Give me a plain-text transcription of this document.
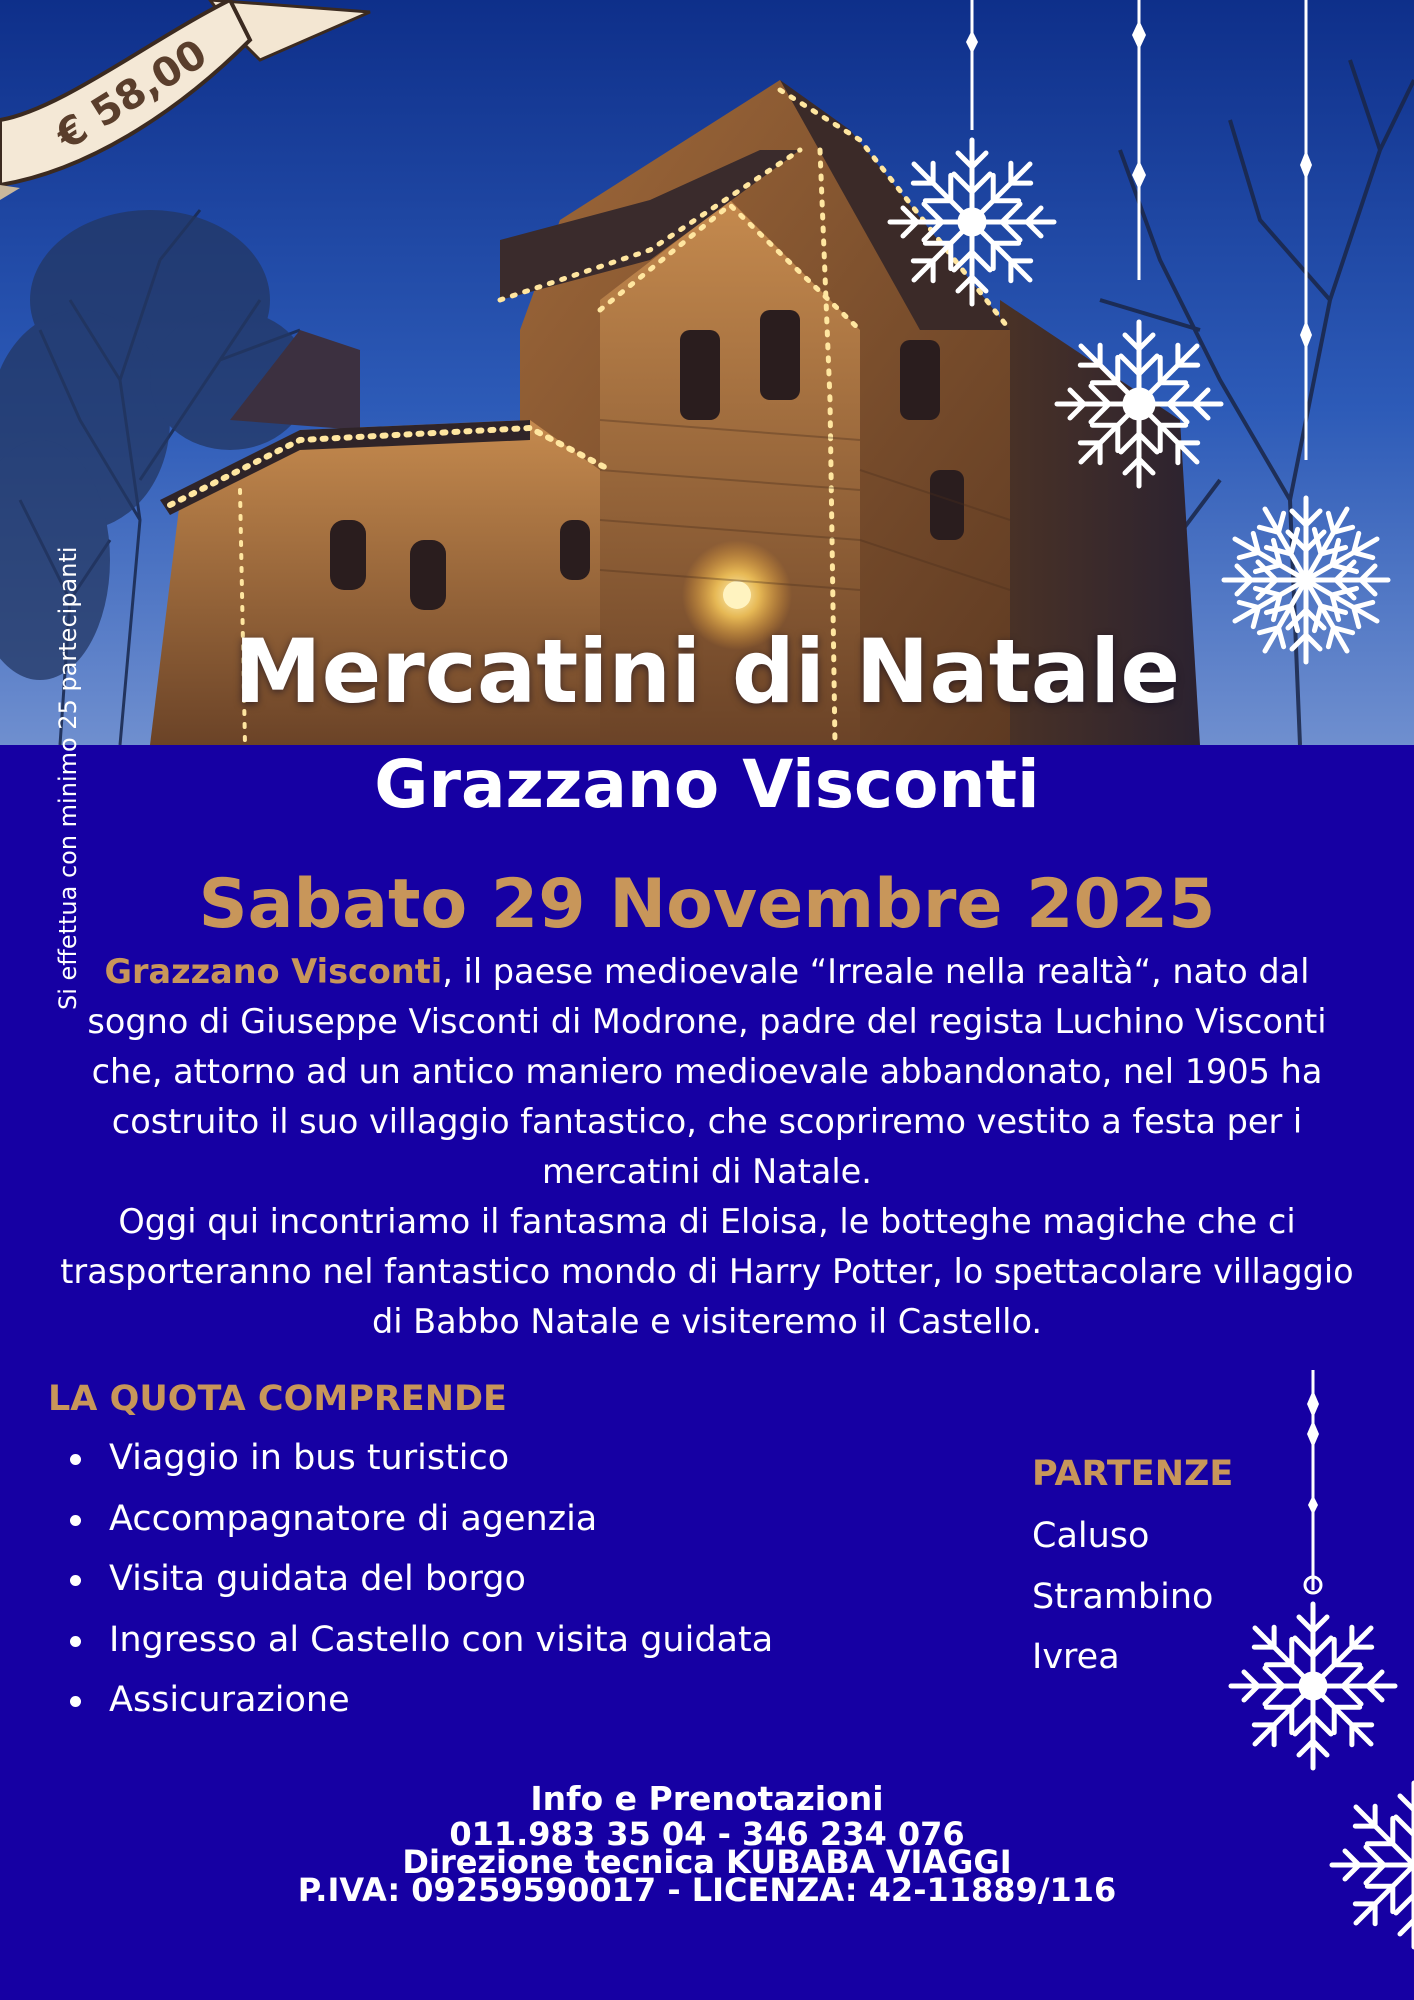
€ 58,00
Si effettua con minimo 25 partecipanti	Mercatini di Natale
Grazzano Visconti
Sabato 29 Novembre 2025
Grazzano Visconti, il paese medioevale “Irreale nella realtà“, nato dal sogno di Giuseppe Visconti di Modrone, padre del regista Luchino Visconti che, attorno ad un antico maniero medioevale abbandonato, nel 1905 ha costruito il suo villaggio fantastico, che scopriremo vestito a festa per i mercatini di Natale.
Oggi qui incontriamo il fantasma di Eloisa, le botteghe magiche che ci trasporteranno nel fantastico mondo di Harry Potter, lo spettacolare villaggio di Babbo Natale e visiteremo il Castello.
LA QUOTA COMPRENDE
Viaggio in bus turistico
Accompagnatore di agenzia
Visita guidata del borgo
Ingresso al Castello con visita guidata
Assicurazione
PARTENZE
Caluso
Strambino
Ivrea
Info e Prenotazioni
011.983 35 04 - 346 234 076
Direzione tecnica KUBABA VIAGGI
P.IVA: 09259590017 - LICENZA: 42-11889/116
